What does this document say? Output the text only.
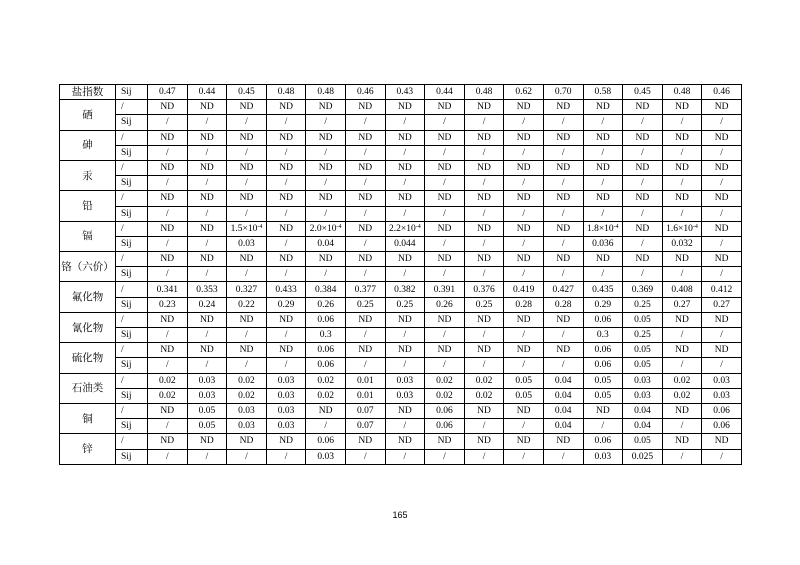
盐指数	Sij	0.47	0.44	0.45	0.48	0.48	0.46	0.43	0.44	0.48	0.62	0.70	0.58	0.45	0.48	0.46
硒	/	ND	ND	ND	ND	ND	ND	ND	ND	ND	ND	ND	ND	ND	ND	ND
	Sij	/	/	/	/	/	/	/	/	/	/	/	/	/	/	/
砷	/	ND	ND	ND	ND	ND	ND	ND	ND	ND	ND	ND	ND	ND	ND	ND
	Sij	/	/	/	/	/	/	/	/	/	/	/	/	/	/	/
汞	/	ND	ND	ND	ND	ND	ND	ND	ND	ND	ND	ND	ND	ND	ND	ND
	Sij	/	/	/	/	/	/	/	/	/	/	/	/	/	/	/
铅	/	ND	ND	ND	ND	ND	ND	ND	ND	ND	ND	ND	ND	ND	ND	ND
	Sij	/	/	/	/	/	/	/	/	/	/	/	/	/	/	/
镉	/	ND	ND	$1.5\times 10^{-4}$	ND	$2.0\times 10^{-4}$	ND	$2.2\times 10^{-4}$	ND	ND	ND	ND	$1.8\times 10^{-4}$	ND	$1.6\times 10^{-4}$	ND
	Sij	/	/	0.03	/	0.04	/	0.044	/	/	/	/	0.036	/	0.032	/
铬（六价）	/	ND	ND	ND	ND	ND	ND	ND	ND	ND	ND	ND	ND	ND	ND	ND
	Sij	/	/	/	/	/	/	/	/	/	/	/	/	/	/	/
氟化物	/	0.341	0.353	0.327	0.433	0.384	0.377	0.382	0.391	0.376	0.419	0.427	0.435	0.369	0.408	0.412
	Sij	0.23	0.24	0.22	0.29	0.26	0.25	0.25	0.26	0.25	0.28	0.28	0.29	0.25	0.27	0.27
氰化物	/	ND	ND	ND	ND	0.06	ND	ND	ND	ND	ND	ND	0.06	0.05	ND	ND
	Sij	/	/	/	/	0.3	/	/	/	/	/	/	0.3	0.25	/	/
硫化物	/	ND	ND	ND	ND	0.06	ND	ND	ND	ND	ND	ND	0.06	0.05	ND	ND
	Sij	/	/	/	/	0.06	/	/	/	/	/	/	0.06	0.05	/	/
石油类	/	0.02	0.03	0.02	0.03	0.02	0.01	0.03	0.02	0.02	0.05	0.04	0.05	0.03	0.02	0.03
	Sij	0.02	0.03	0.02	0.03	0.02	0.01	0.03	0.02	0.02	0.05	0.04	0.05	0.03	0.02	0.03
铜	/	ND	0.05	0.03	0.03	ND	0.07	ND	0.06	ND	ND	0.04	ND	0.04	ND	0.06
	Sij	/	0.05	0.03	0.03	/	0.07	/	0.06	/	/	0.04	/	0.04	/	0.06
锌	/	ND	ND	ND	ND	0.06	ND	ND	ND	ND	ND	ND	0.06	0.05	ND	ND
	Sij	/	/	/	/	0.03	/	/	/	/	/	/	0.03	0.025	/	/
165
